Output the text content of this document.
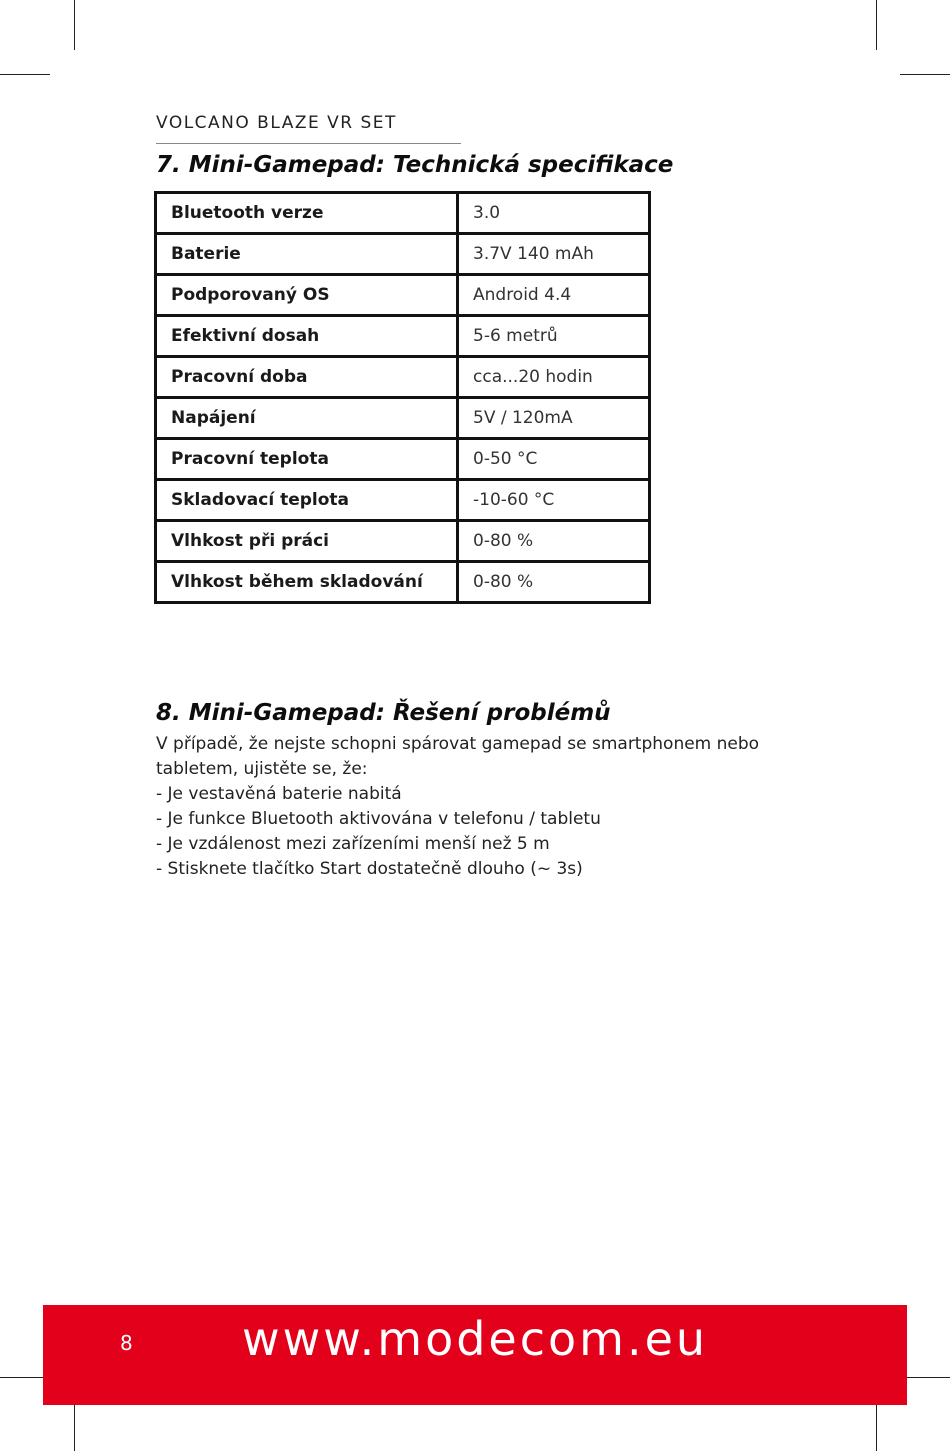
VOLCANO BLAZE VR SET
7. Mini-Gamepad: Technická specifikace
Bluetooth verze	3.0
Baterie	3.7V 140 mAh
Podporovaný OS	Android 4.4
Efektivní dosah	5-6 metrů
Pracovní doba	cca...20 hodin
Napájení	5V / 120mA
Pracovní teplota	0-50 °C
Skladovací teplota	-10-60 °C
Vlhkost při práci	0-80 %
Vlhkost během skladování	0-80 %
8. Mini-Gamepad: Řešení problémů

V případě, že nejste schopni spárovat gamepad se smartphonem nebo tabletem, ujistěte se, že:

- Je vestavěná baterie nabitá
- Je funkce Bluetooth aktivována v telefonu / tabletu
- Je vzdálenost mezi zařízeními menší než 5 m
- Stisknete tlačítko Start dostatečně dlouho (~ 3s)
8 www.modecom.eu
